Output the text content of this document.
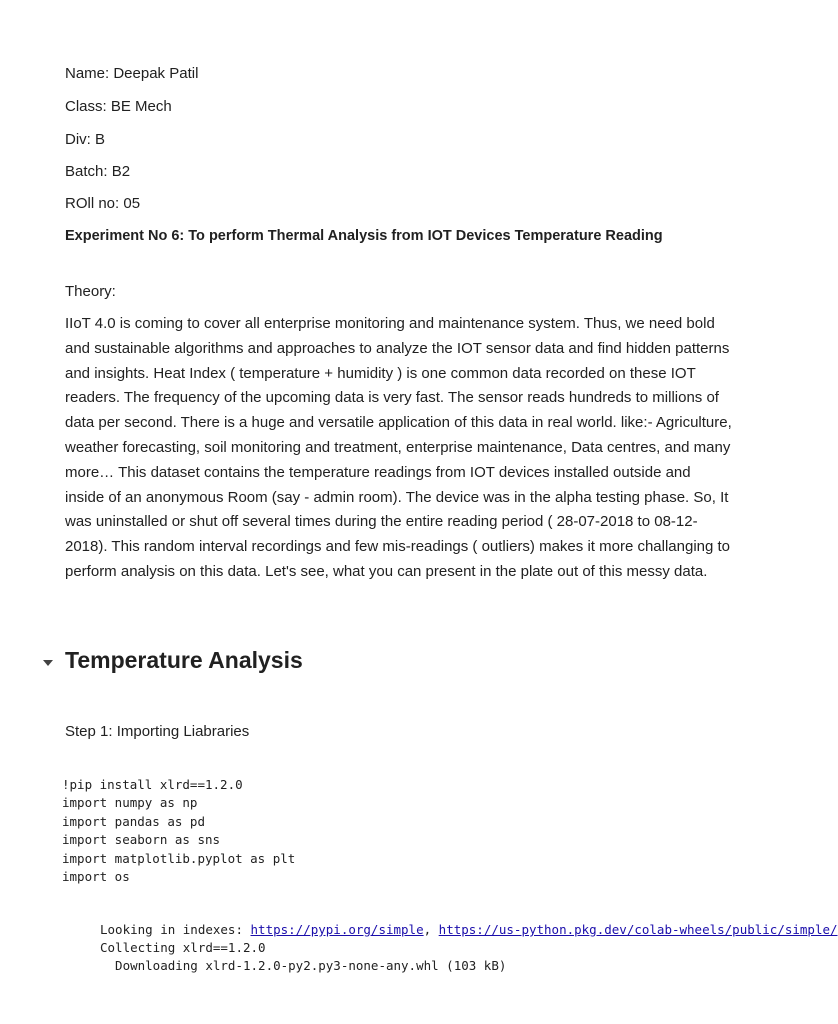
Name: Deepak Patil
Class: BE Mech
Div: B
Batch: B2
ROll no: 05
Experiment No 6: To perform Thermal Analysis from IOT Devices Temperature Reading
Theory:
IIoT 4.0 is coming to cover all enterprise monitoring and maintenance system. Thus, we need bold and sustainable algorithms and approaches to analyze the IOT sensor data and find hidden patterns and insights. Heat Index ( temperature + humidity ) is one common data recorded on these IOT readers. The frequency of the upcoming data is very fast. The sensor reads hundreds to millions of data per second. There is a huge and versatile application of this data in real world. like:- Agriculture, weather forecasting, soil monitoring and treatment, enterprise maintenance, Data centres, and many more… This dataset contains the temperature readings from IOT devices installed outside and inside of an anonymous Room (say - admin room). The device was in the alpha testing phase. So, It was uninstalled or shut off several times during the entire reading period ( 28-07-2018 to 08-12-2018). This random interval recordings and few mis-readings ( outliers) makes it more challanging to perform analysis on this data. Let's see, what you can present in the plate out of this messy data.
Temperature Analysis
Step 1: Importing Liabraries
!pip install xlrd==1.2.0
import numpy as np
import pandas as pd
import seaborn as sns
import matplotlib.pyplot as plt
import os
Looking in indexes: https://pypi.org/simple, https://us-python.pkg.dev/colab-wheels/public/simple/
Collecting xlrd==1.2.0
Downloading xlrd-1.2.0-py2.py3-none-any.whl (103 kB)
